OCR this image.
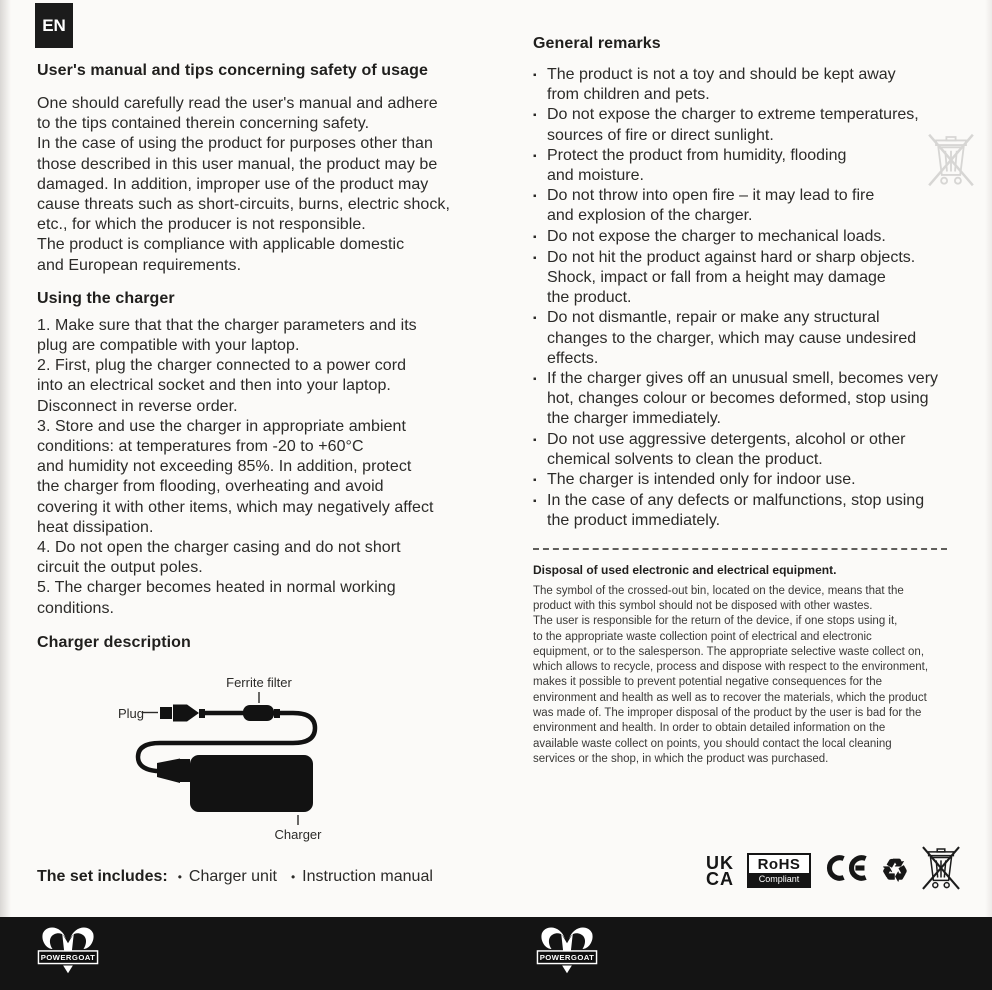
EN
User's manual and tips concerning safety of usage
One should carefully read the user's manual and adhere
to the tips contained therein concerning safety.
In the case of using the product for purposes other than
those described in this user manual, the product may be
damaged. In addition, improper use of the product may
cause threats such as short-circuits, burns, electric shock,
etc., for which the producer is not responsible.
The product is compliance with applicable domestic
and European requirements.
Using the charger
1. Make sure that that the charger parameters and its
plug are compatible with your laptop.
2. First, plug the charger connected to a power cord
into an electrical socket and then into your laptop.
Disconnect in reverse order.
3. Store and use the charger in appropriate ambient
conditions: at temperatures from -20 to +60°C
and humidity not exceeding 85%. In addition, protect
the charger from flooding, overheating and avoid
covering it with other items, which may negatively affect
heat dissipation.
4. Do not open the charger casing and do not short
circuit the output poles.
5. The charger becomes heated in normal working
conditions.
Charger description
Plug
Ferrite filter
Charger
The set includes: • Charger unit • Instruction manual
General remarks
▪ The product is not a toy and should be kept away
from children and pets.
▪ Do not expose the charger to extreme temperatures,
sources of fire or direct sunlight.
▪ Protect the product from humidity, flooding
and moisture.
▪ Do not throw into open fire – it may lead to fire
and explosion of the charger.
▪ Do not expose the charger to mechanical loads.
▪ Do not hit the product against hard or sharp objects.
Shock, impact or fall from a height may damage
the product.
▪ Do not dismantle, repair or make any structural
changes to the charger, which may cause undesired
effects.
▪ If the charger gives off an unusual smell, becomes very
hot, changes colour or becomes deformed, stop using
the charger immediately.
▪ Do not use aggressive detergents, alcohol or other
chemical solvents to clean the product.
▪ The charger is intended only for indoor use.
▪ In the case of any defects or malfunctions, stop using
the product immediately.
Disposal of used electronic and electrical equipment.
The symbol of the crossed-out bin, located on the device, means that the
product with this symbol should not be disposed with other wastes.
The user is responsible for the return of the device, if one stops using it,
to the appropriate waste collection point of electrical and electronic
equipment, or to the salesperson. The appropriate selective waste collect on,
which allows to recycle, process and dispose with respect to the environment,
makes it possible to prevent potential negative consequences for the
environment and health as well as to recover the materials, which the product
was made of. The improper disposal of the product by the user is bad for the
environment and health. In order to obtain detailed information on the
available waste collect on points, you should contact the local cleaning
services or the shop, in which the product was purchased.
UK
CA
RoHS
Compliant	♻
POWERGOAT	POWERGOAT
